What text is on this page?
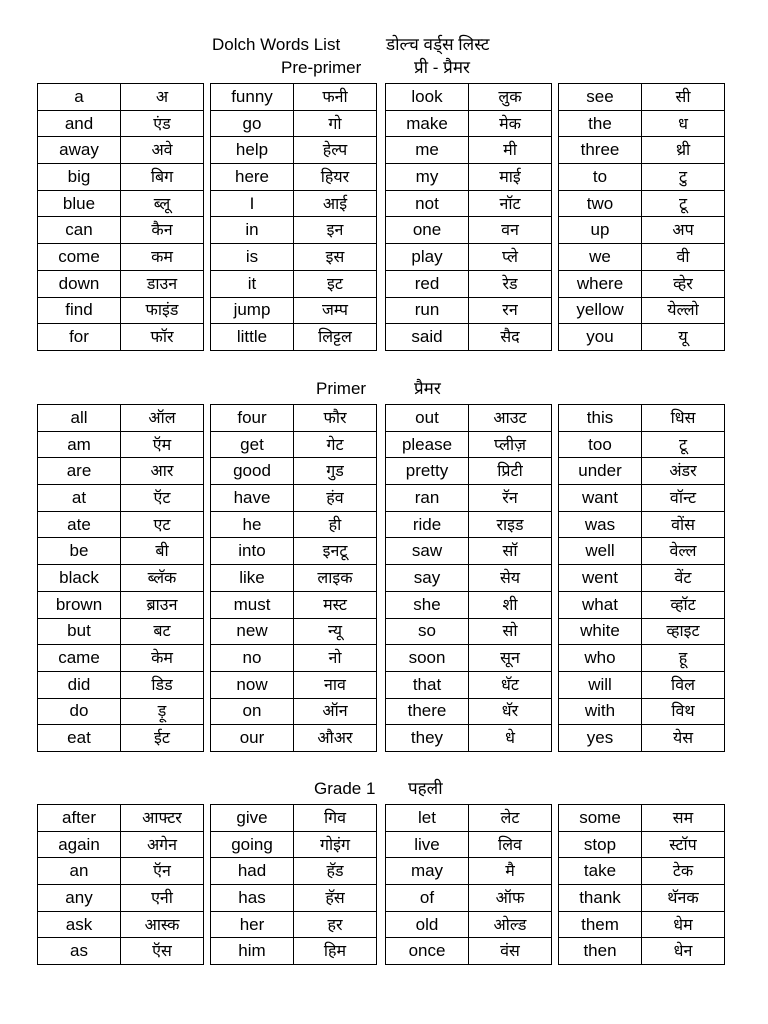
Dolch Words List	डोल्च वर्ड्स लिस्ट
Pre-primer	प्री - प्रैमर
Primer	प्रैमर
Grade 1 पहली
a	अ
and	एंड
away	अवे
big	बिग
blue	ब्लू
can	कैन
come	कम
down	डाउन
find	फाइंड
for	फॉर
funny	फनी
go	गो
help	हेल्प
here	हियर
I	आई
in	इन
is	इस
it	इट
jump	जम्प
little	लिट्टल
look	लुक
make	मेक
me	मी
my	माई
not	नॉट
one	वन
play	प्ले
red	रेड
run	रन
said	सैद
see	सी
the	ध
three	थ्री
to	टु
two	टू
up	अप
we	वी
where	व्हेर
yellow	येल्लो
you	यू
all	ऑल
am	ऍम
are	आर
at	ऍट
ate	एट
be	बी
black	ब्लॅक
brown	ब्राउन
but	बट
came	केम
did	डिड
do	ड़ू
eat	ईट
four	फौर
get	गेट
good	गुड
have	हंव
he	ही
into	इनटू
like	लाइक
must	मस्ट
new	न्यू
no	नो
now	नाव
on	ऑन
our	औअर
out	आउट
please	प्लीज़
pretty	प्रिटी
ran	रॅन
ride	राइड
saw	सॉ
say	सेय
she	शी
so	सो
soon	सून
that	धॅट
there	धॅर
they	धे
this	धिस
too	टू
under	अंडर
want	वॉन्ट
was	वोंस
well	वेल्ल
went	वेंट
what	व्हॉट
white	व्हाइट
who	हू
will	विल
with	विथ
yes	येस
after	आफ्टर
again	अगेन
an	ऍन
any	एनी
ask	आस्क
as	ऍस
give	गिव
going	गोइंग
had	हॅड
has	हॅस
her	हर
him	हिम
let	लेट
live	लिव
may	मै
of	ऑफ
old	ओल्ड
once	वंस
some	सम
stop	स्टॉप
take	टेक
thank	थॅनक
them	धेम
then	धेन
